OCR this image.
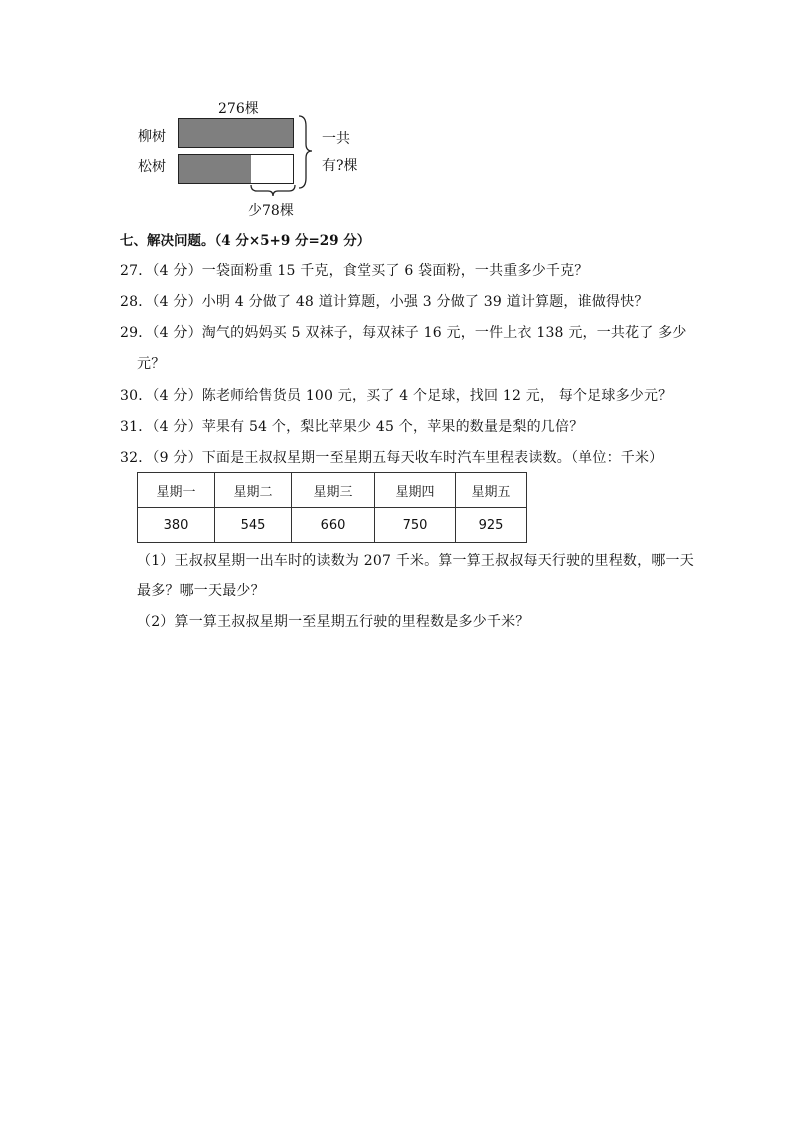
276棵
柳树
松树
一共
有?棵
少78棵
七、解决问题。（4 分×5+9 分=29 分）
27．（4 分）一袋面粉重 15 千克，食堂买了 6 袋面粉，一共重多少千克？
28．（4 分）小明 4 分做了 48 道计算题，小强 3 分做了 39 道计算题，谁做得快？
29．（4 分）淘气的妈妈买 5 双袜子，每双袜子 16 元，一件上衣 138 元，一共花了 多少
元？
30．（4 分）陈老师给售货员 100 元，买了 4 个足球，找回 12 元， 每个足球多少元？
31．（4 分）苹果有 54 个，梨比苹果少 45 个，苹果的数量是梨的几倍？
32．（9 分）下面是王叔叔星期一至星期五每天收车时汽车里程表读数。（单位：千米）
星期一	星期二	星期三	星期四	星期五
380	545	660	750	925
（1）王叔叔星期一出车时的读数为 207 千米。算一算王叔叔每天行驶的里程数，哪一天
最多？哪一天最少？
（2）算一算王叔叔星期一至星期五行驶的里程数是多少千米？
